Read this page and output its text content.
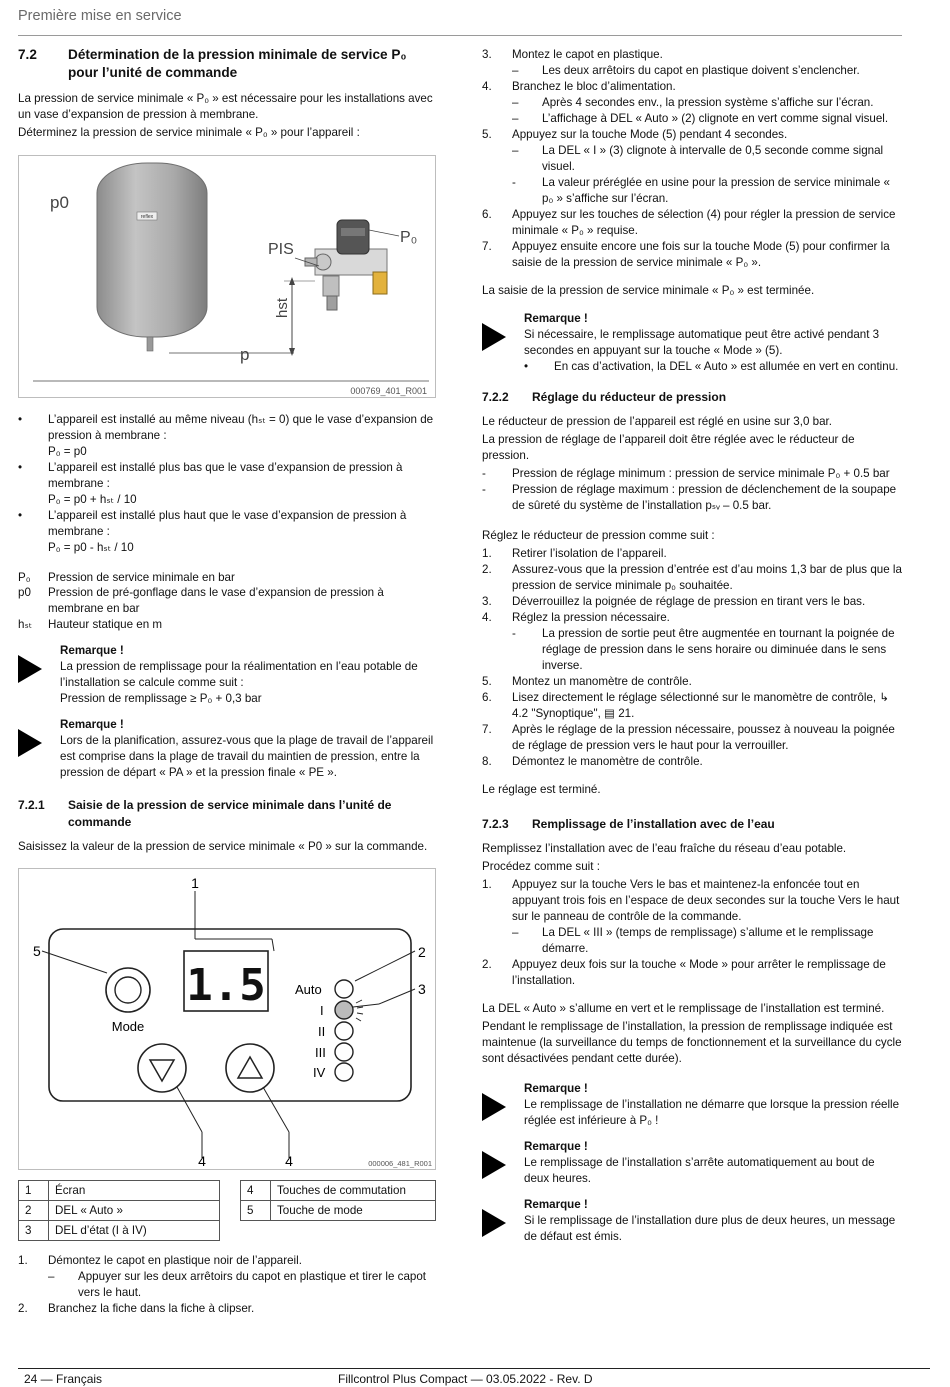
Première mise en service
7.2	Détermination de la pression minimale de service P₀ pour l’unité de commande

La pression de service minimale « P₀ » est nécessaire pour les installations avec un vase d’expansion de pression à membrane.

Déterminez la pression de service minimale « P₀ » pour l’appareil :

reflex
p0
PIS
P₀
hst
p
000769_401_R001
•	L’appareil est installé au même niveau (hₛₜ = 0) que le vase d’expansion de pression à membrane :
P₀ = p0
•	L’appareil est installé plus bas que le vase d’expansion de pression à membrane :
P₀ = p0 + hₛₜ / 10
•	L’appareil est installé plus haut que le vase d’expansion de pression à membrane :
P₀ = p0 - hₛₜ / 10
P₀	Pression de service minimale en bar
p0	Pression de pré-gonflage dans le vase d’expansion de pression à membrane en bar
hₛₜ	Hauteur statique en m
Remarque !
La pression de remplissage pour la réalimentation en l’eau potable de l’installation se calcule comme suit :
Pression de remplissage ≥ P₀ + 0,3 bar
Remarque !
Lors de la planification, assurez-vous que la plage de travail de l’appareil est comprise dans la plage de travail du maintien de pression, entre la pression de départ « PA » et la pression finale « PE ».
7.2.1	Saisie de la pression de service minimale dans l’unité de commande

Saisissez la valeur de la pression de service minimale « P0 » sur la commande.

Mode
1.5 Auto
I
II
III
IV
1
5	2
3
4	4	000006_481_R001
1	Écran
2	DEL « Auto »
3	DEL d’état (I à IV)
4	Touches de commutation
5	Touche de mode
1.	Démontez le capot en plastique noir de l’appareil.
–	Appuyer sur les deux arrêtoirs du capot en plastique et tirer le capot vers le haut.
2.	Branchez la fiche dans la fiche à clipser.
3.	Montez le capot en plastique.
–	Les deux arrêtoirs du capot en plastique doivent s’enclencher.
4.	Branchez le bloc d’alimentation.
–	Après 4 secondes env., la pression système s’affiche sur l’écran.
–	L’affichage à DEL « Auto » (2) clignote en vert comme signal visuel.
5.	Appuyez sur la touche Mode (5) pendant 4 secondes.
–	La DEL « I » (3) clignote à intervalle de 0,5 seconde comme signal visuel.
-	La valeur préréglée en usine pour la pression de service minimale « p₀ » s’affiche sur l’écran.
6.	Appuyez sur les touches de sélection (4) pour régler la pression de service minimale « P₀ » requise.
7.	Appuyez ensuite encore une fois sur la touche Mode (5) pour confirmer la saisie de la pression de service minimale « P₀ ».

La saisie de la pression de service minimale « P₀ » est terminée.

Remarque !
Si nécessaire, le remplissage automatique peut être activé pendant 3 secondes en appuyant sur la touche « Mode » (5).
•	En cas d’activation, la DEL « Auto » est allumée en vert en continu.
7.2.2	Réglage du réducteur de pression

Le réducteur de pression de l’appareil est réglé en usine sur 3,0 bar.

La pression de réglage de l’appareil doit être réglée avec le réducteur de pression.

-	Pression de réglage minimum : pression de service minimale P₀ + 0.5 bar
-	Pression de réglage maximum : pression de déclenchement de la soupape de sûreté du système de l’installation pₛᵥ – 0.5 bar.

Réglez le réducteur de pression comme suit :

1.	Retirer l’isolation de l’appareil.
2.	Assurez-vous que la pression d’entrée est d’au moins 1,3 bar de plus que la pression de service minimale p₀ souhaitée.
3.	Déverrouillez la poignée de réglage de pression en tirant vers le bas.
4.	Réglez la pression nécessaire.
-	La pression de sortie peut être augmentée en tournant la poignée de réglage de pression dans le sens horaire ou diminuée dans le sens inverse.
5.	Montez un manomètre de contrôle.
6.	Lisez directement le réglage sélectionné sur le manomètre de contrôle, ↳ 4.2 "Synoptique", ▤ 21.
7.	Après le réglage de la pression nécessaire, poussez à nouveau la poignée de réglage de pression vers le haut pour la verrouiller.
8.	Démontez le manomètre de contrôle.

Le réglage est terminé.

7.2.3	Remplissage de l’installation avec de l’eau

Remplissez l’installation avec de l’eau fraîche du réseau d’eau potable.

Procédez comme suit :

1.	Appuyez sur la touche Vers le bas et maintenez-la enfoncée tout en appuyant trois fois en l’espace de deux secondes sur la touche Vers le haut sur le panneau de contrôle de la commande.
–	La DEL « III » (temps de remplissage) s’allume et le remplissage démarre.
2.	Appuyez deux fois sur la touche « Mode » pour arrêter le remplissage de l’installation.

La DEL « Auto » s’allume en vert et le remplissage de l’installation est terminé.

Pendant le remplissage de l’installation, la pression de remplissage indiquée est maintenue (la surveillance du temps de fonctionnement et la surveillance du cycle sont désactivées pendant cette durée).

Remarque !
Le remplissage de l’installation ne démarre que lorsque la pression réelle réglée est inférieure à P₀ !
Remarque !
Le remplissage de l’installation s’arrête automatiquement au bout de deux heures.
Remarque !
Si le remplissage de l’installation dure plus de deux heures, un message de défaut est émis.
24 — Français	Fillcontrol Plus Compact — 03.05.2022 - Rev. D
